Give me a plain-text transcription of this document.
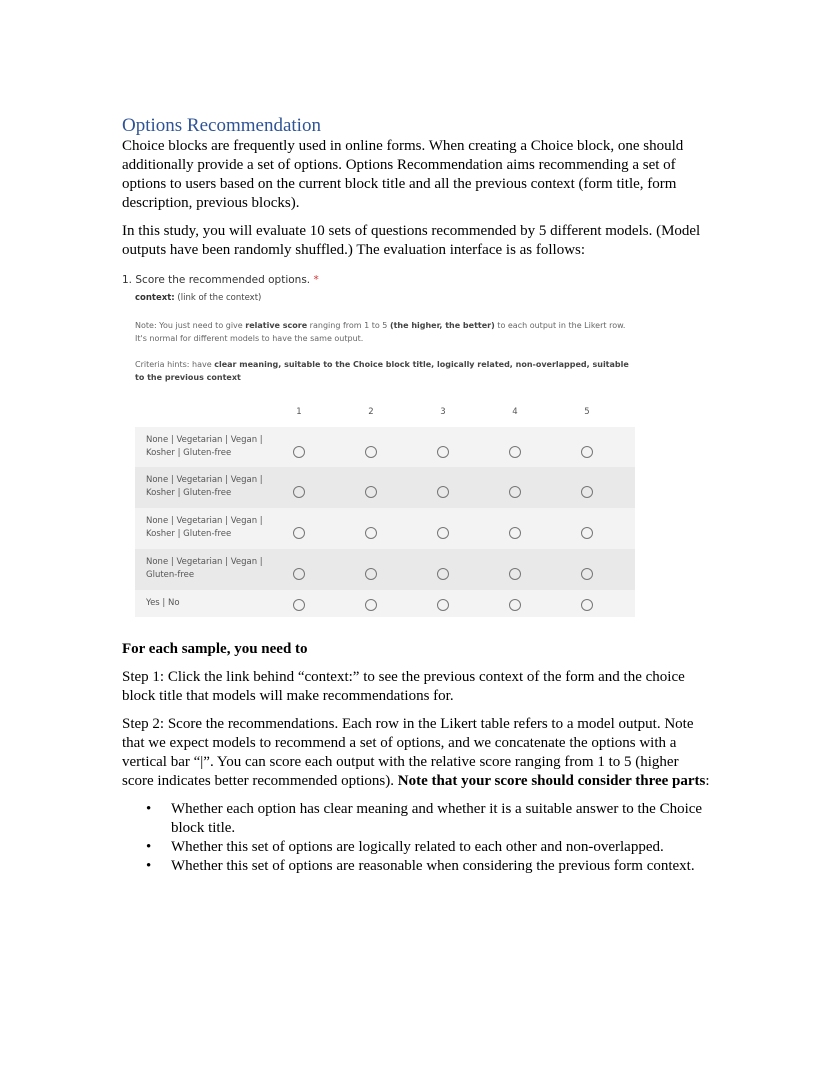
Options Recommendation

Choice blocks are frequently used in online forms. When creating a Choice block, one should additionally provide a set of options. Options Recommendation aims recommending a set of options to users based on the current block title and all the previous context (form title, form description, previous blocks).

In this study, you will evaluate 10 sets of questions recommended by 5 different models. (Model outputs have been randomly shuffled.) The evaluation interface is as follows:

1. Score the recommended options. *
context: (link of the context)
Note: You just need to give relative score ranging from 1 to 5 (the higher, the better) to each output in the Likert row. It's normal for different models to have the same output.
Criteria hints: have clear meaning, suitable to the Choice block title, logically related, non-overlapped, suitable to the previous context
1	2	3	4	5
None | Vegetarian | Vegan | Kosher | Gluten-free
None | Vegetarian | Vegan | Kosher | Gluten-free
None | Vegetarian | Vegan | Kosher | Gluten-free
None | Vegetarian | Vegan | Gluten-free
Yes | No

For each sample, you need to

Step 1: Click the link behind “context:” to see the previous context of the form and the choice block title that models will make recommendations for.

Step 2: Score the recommendations. Each row in the Likert table refers to a model output. Note that we expect models to recommend a set of options, and we concatenate the options with a vertical bar “|”. You can score each output with the relative score ranging from 1 to 5 (higher score indicates better recommended options). Note that your score should consider three parts:

• Whether each option has clear meaning and whether it is a suitable answer to the Choice block title.
• Whether this set of options are logically related to each other and non-overlapped.
• Whether this set of options are reasonable when considering the previous form context.
